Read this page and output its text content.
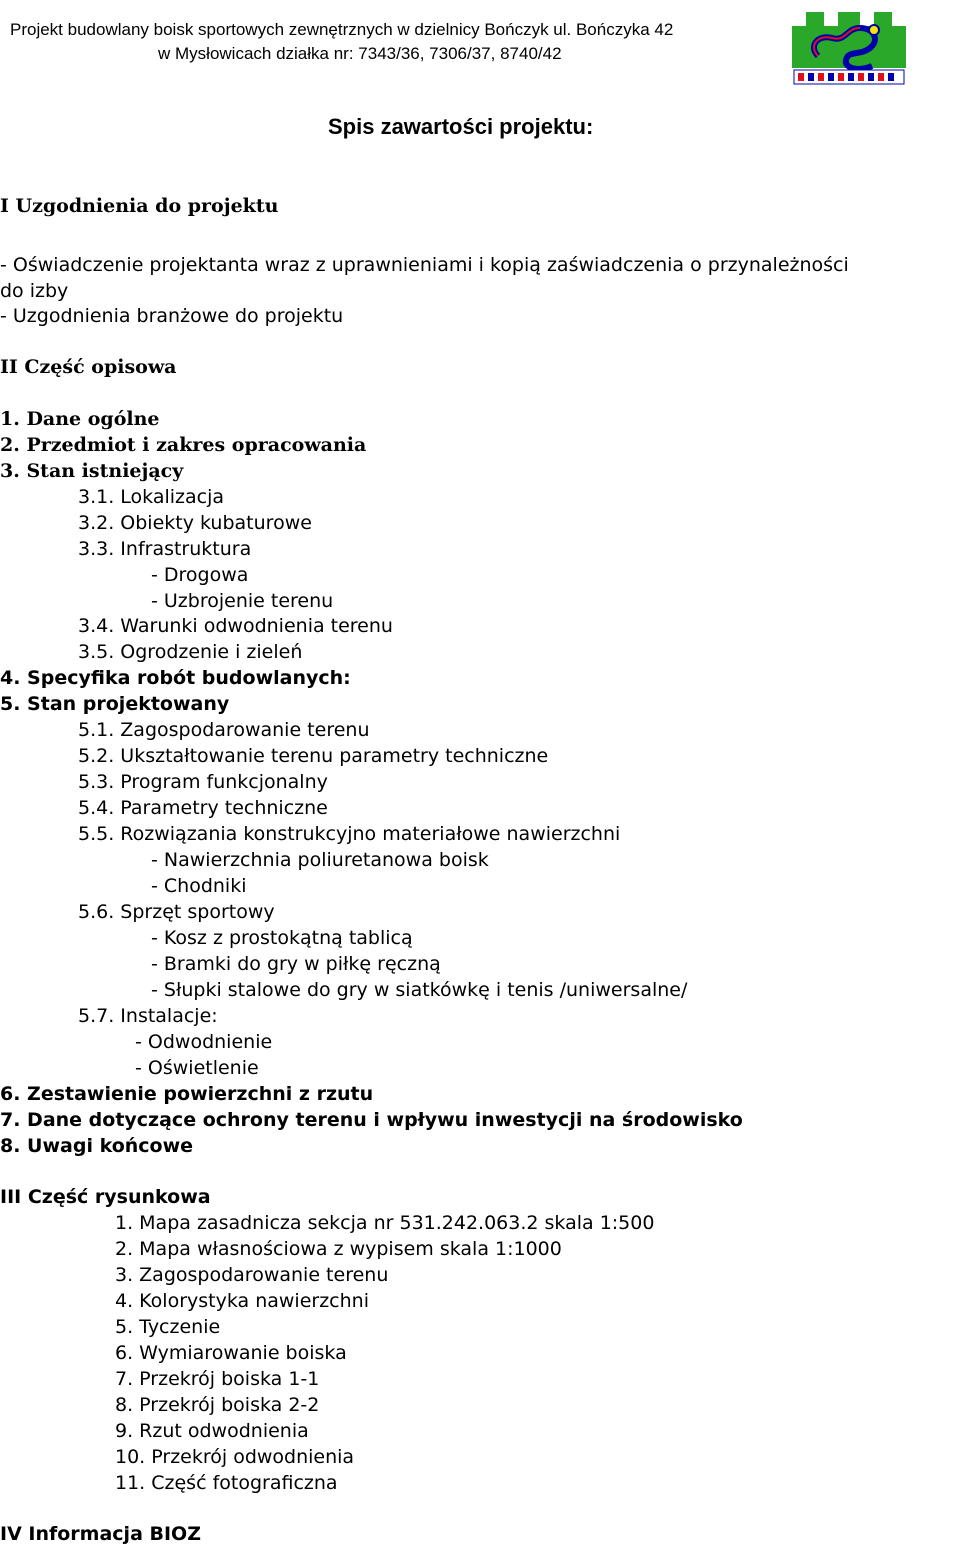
Projekt budowlany boisk sportowych zewnętrznych w dzielnicy Bończyk ul. Bończyka 42
w Mysłowicach działka nr: 7343/36, 7306/37, 8740/42
Spis zawartości projektu:
I Uzgodnienia do projektu
- Oświadczenie projektanta wraz z uprawnieniami i kopią zaświadczenia o przynależności
do izby
- Uzgodnienia branżowe do projektu
II Część opisowa
1. Dane ogólne
2. Przedmiot i zakres opracowania
3. Stan istniejący
3.1. Lokalizacja
3.2. Obiekty kubaturowe
3.3. Infrastruktura
- Drogowa
- Uzbrojenie terenu
3.4. Warunki odwodnienia terenu
3.5. Ogrodzenie i zieleń
4. Specyfika robót budowlanych:
5. Stan projektowany
5.1. Zagospodarowanie terenu
5.2. Ukształtowanie terenu parametry techniczne
5.3. Program funkcjonalny
5.4. Parametry techniczne
5.5. Rozwiązania konstrukcyjno materiałowe nawierzchni
- Nawierzchnia poliuretanowa boisk
- Chodniki
5.6. Sprzęt sportowy
- Kosz z prostokątną tablicą
- Bramki do gry w piłkę ręczną
- Słupki stalowe do gry w siatkówkę i tenis /uniwersalne/
5.7. Instalacje:
- Odwodnienie
- Oświetlenie
6. Zestawienie powierzchni z rzutu
7. Dane dotyczące ochrony terenu i wpływu inwestycji na środowisko
8. Uwagi końcowe
III Część rysunkowa
1. Mapa zasadnicza sekcja nr 531.242.063.2 skala 1:500
2. Mapa własnościowa z wypisem skala 1:1000
3. Zagospodarowanie terenu
4. Kolorystyka nawierzchni
5. Tyczenie
6. Wymiarowanie boiska
7. Przekrój boiska 1-1
8. Przekrój boiska 2-2
9. Rzut odwodnienia
10. Przekrój odwodnienia
11. Część fotograficzna
IV Informacja BIOZ
